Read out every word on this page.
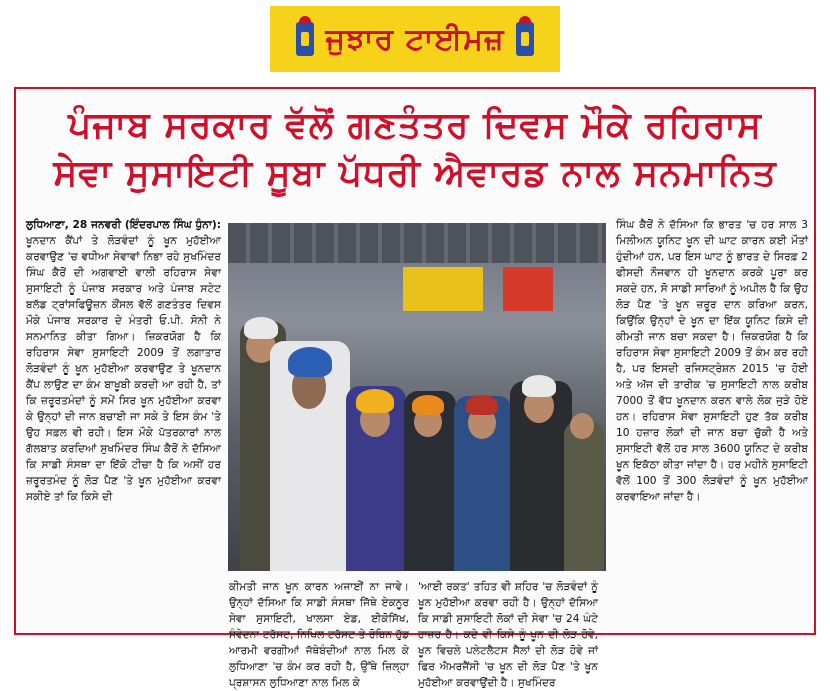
ਜੁਝਾਰ ਟਾਈਮਜ਼
ਪੰਜਾਬ ਸਰਕਾਰ ਵੱਲੋਂ ਗਣਤੰਤਰ ਦਿਵਸ ਮੌਕੇ ਰਹਿਰਾਸ
ਸੇਵਾ ਸੁਸਾਇਟੀ ਸੂਬਾ ਪੱਧਰੀ ਐਵਾਰਡ ਨਾਲ ਸਨਮਾਨਿਤ
ਲੁਧਿਆਣਾ, 28 ਜਨਵਰੀ (ਇੰਦਰਪਾਲ ਸਿੰਘ ਧੁੰਨਾ): ਖੂਨਦਾਨ ਕੈਂਪਾਂ ਤੇ ਲੋੜਵੰਦਾਂ ਨੂੰ ਖੂਨ ਮੁਹੱਈਆ ਕਰਵਾਉਣ 'ਚ ਵਧੀਆ ਸੇਵਾਵਾਂ ਨਿਭਾ ਰਹੇ ਸੁਖਮਿੰਦਰ ਸਿੰਘ ਕੈਰੋਂ ਦੀ ਅਗਵਾਈ ਵਾਲੀ ਰਹਿਰਾਸ ਸੇਵਾ ਸੁਸਾਇਟੀ ਨੂੰ ਪੰਜਾਬ ਸਰਕਾਰ ਅਤੇ ਪੰਜਾਬ ਸਟੇਟ ਬਲੱਡ ਟ੍ਰਾਂਸਫਿਊਜ਼ਨ ਕੌਂਸਲ ਵੱਲੋਂ ਗਣਤੰਤਰ ਦਿਵਸ ਮੌਕੇ ਪੰਜਾਬ ਸਰਕਾਰ ਦੇ ਮੰਤਰੀ ਓ.ਪੀ. ਸੋਨੀ ਨੇ ਸਨਮਾਨਿਤ ਕੀਤਾ ਗਿਆ। ਜ਼ਿਕਰਯੋਗ ਹੈ ਕਿ ਰਹਿਰਾਸ ਸੇਵਾ ਸੁਸਾਇਟੀ 2009 ਤੋਂ ਲਗਾਤਾਰ ਲੋੜਵੰਦਾਂ ਨੂੰ ਖੂਨ ਮੁਹੱਈਆ ਕਰਵਾਉਣ ਤੇ ਖੂਨਦਾਨ ਕੈਂਪ ਲਾਉਣ ਦਾ ਕੰਮ ਬਾਖੂਬੀ ਕਰਦੀ ਆ ਰਹੀ ਹੈ, ਤਾਂ ਕਿ ਜ਼ਰੂਰਤਮੰਦਾਂ ਨੂੰ ਸਮੇਂ ਸਿਰ ਖੂਨ ਮੁਹੱਈਆ ਕਰਵਾ ਕੇ ਉਨ੍ਹਾਂ ਦੀ ਜਾਨ ਬਚਾਈ ਜਾ ਸਕੇ ਤੇ ਇਸ ਕੰਮ 'ਤੇ ਉਹ ਸਫ਼ਲ ਵੀ ਰਹੀ। ਇਸ ਮੌਕੇ ਪੱਤਰਕਾਰਾਂ ਨਾਲ ਗੱਲਬਾਤ ਕਰਦਿਆਂ ਸੁਖਮਿੰਦਰ ਸਿੰਘ ਕੈਰੋਂ ਨੇ ਦੱਸਿਆ ਕਿ ਸਾਡੀ ਸੰਸਥਾ ਦਾ ਇੱਕੋ ਟੀਚਾ ਹੈ ਕਿ ਅਸੀਂ ਹਰ ਜ਼ਰੂਰਤਮੰਦ ਨੂੰ ਲੋੜ ਪੈਣ 'ਤੇ ਖੂਨ ਮੁਹੱਈਆ ਕਰਵਾ ਸਕੀਏ ਤਾਂ ਕਿ ਕਿਸੇ ਦੀ
ਕੀਮਤੀ ਜਾਨ ਖੂਨ ਕਾਰਨ ਅਜਾਈਂ ਨਾ ਜਾਵੇ। ਉਨ੍ਹਾਂ ਦੱਸਿਆ ਕਿ ਸਾਡੀ ਸੰਸਥਾ ਜਿੱਥੇ ਏਕਨੂਰ ਸੇਵਾ ਸੁਸਾਇਟੀ, ਖਾਲਸਾ ਏਡ, ਈਕੋਸਿੱਖ, ਸੰਵੇਦਨਾ ਟਰੱਸਟ, ਨਿਖਿਲ ਟਰੱਸਟ ਤੇ ਰੋਬਿਨ ਹੁੱਡ ਆਰਮੀ ਵਰਗੀਆਂ ਜੱਥੇਬੰਦੀਆਂ ਨਾਲ ਮਿਲ ਕੇ ਲੁਧਿਆਣਾ 'ਚ ਕੰਮ ਕਰ ਰਹੀ ਹੈ, ਉੱਥੇ ਜ਼ਿਲ੍ਹਾ ਪ੍ਰਸ਼ਾਸਨ ਲੁਧਿਆਣਾ ਨਾਲ ਮਿਲ ਕੇ
'ਆਈ ਰਕਤ' ਤਹਿਤ ਵੀ ਸ਼ਹਿਰ 'ਚ ਲੋੜਵੰਦਾਂ ਨੂੰ ਖੂਨ ਮੁਹੱਈਆ ਕਰਵਾ ਰਹੀ ਹੈ। ਉਨ੍ਹਾਂ ਦੱਸਿਆ ਕਿ ਸਾਡੀ ਸੁਸਾਇਟੀ ਲੋਕਾਂ ਦੀ ਸੇਵਾ 'ਚ 24 ਘੰਟੇ ਹਾਜ਼ਰ ਹੈ। ਕਦੇ ਵੀ ਕਿਸੇ ਨੂੰ ਖੂਨ ਦੀ ਲੋੜ ਹੋਵੇ, ਖੂਨ ਵਿਚਲੇ ਪਲੇਟਲੈਟਸ ਸੈਲਾਂ ਦੀ ਲੋੜ ਹੋਵੇ ਜਾਂ ਫਿਰ ਐਮਰਜੈਂਸੀ 'ਚ ਖੂਨ ਦੀ ਲੋੜ ਪੈਣ 'ਤੇ ਖੂਨ ਮੁਹੱਈਆ ਕਰਵਾਉਂਦੀ ਹੈ। ਸੁਖਮਿੰਦਰ
ਸਿੰਘ ਕੈਰੋਂ ਨੇ ਦੱਸਿਆ ਕਿ ਭਾਰਤ 'ਚ ਹਰ ਸਾਲ 3 ਮਿਲੀਅਨ ਯੂਨਿਟ ਖੂਨ ਦੀ ਘਾਟ ਕਾਰਨ ਕਈ ਮੌਤਾਂ ਹੁੰਦੀਆਂ ਹਨ, ਪਰ ਇਸ ਘਾਟ ਨੂੰ ਭਾਰਤ ਦੇ ਸਿਰਫ਼ 2 ਫੀਸਦੀ ਨੌਜਵਾਨ ਹੀ ਖੂਨਦਾਨ ਕਰਕੇ ਪੂਰਾ ਕਰ ਸਕਦੇ ਹਨ, ਸੋ ਸਾਡੀ ਸਾਰਿਆਂ ਨੂੰ ਅਪੀਲ ਹੈ ਕਿ ਉਹ ਲੋੜ ਪੈਣ 'ਤੇ ਖੂਨ ਜ਼ਰੂਰ ਦਾਨ ਕਰਿਆ ਕਰਨ, ਕਿਉਂਕਿ ਉਨ੍ਹਾਂ ਦੇ ਖੂਨ ਦਾ ਇੱਕ ਯੂਨਿਟ ਕਿਸੇ ਦੀ ਕੀਮਤੀ ਜਾਨ ਬਚਾ ਸਕਦਾ ਹੈ। ਜ਼ਿਕਰਯੋਗ ਹੈ ਕਿ ਰਹਿਰਾਸ ਸੇਵਾ ਸੁਸਾਇਟੀ 2009 ਤੋਂ ਕੰਮ ਕਰ ਰਹੀ ਹੈ, ਪਰ ਇਸਦੀ ਰਜਿਸਟ੍ਰੇਸ਼ਨ 2015 'ਚ ਹੋਈ ਅਤੇ ਅੱਜ ਦੀ ਤਾਰੀਕ 'ਚ ਸੁਸਾਇਟੀ ਨਾਲ ਕਰੀਬ 7000 ਤੋਂ ਵੱਧ ਖੂਨਦਾਨ ਕਰਨ ਵਾਲੇ ਲੋਕ ਜੁੜੇ ਹੋਏ ਹਨ। ਰਹਿਰਾਸ ਸੇਵਾ ਸੁਸਾਇਟੀ ਹੁਣ ਤੱਕ ਕਰੀਬ 10 ਹਜ਼ਾਰ ਲੋਕਾਂ ਦੀ ਜਾਨ ਬਚਾ ਚੁੱਕੀ ਹੈ ਅਤੇ ਸੁਸਾਇਟੀ ਵੱਲੋਂ ਹਰ ਸਾਲ 3600 ਯੂਨਿਟ ਦੇ ਕਰੀਬ ਖੂਨ ਇਕੱਠਾ ਕੀਤਾ ਜਾਂਦਾ ਹੈ। ਹਰ ਮਹੀਨੇ ਸੁਸਾਇਟੀ ਵੱਲੋਂ 100 ਤੋਂ 300 ਲੋੜਵੰਦਾਂ ਨੂੰ ਖੂਨ ਮੁਹੱਈਆ ਕਰਵਾਇਆ ਜਾਂਦਾ ਹੈ।
